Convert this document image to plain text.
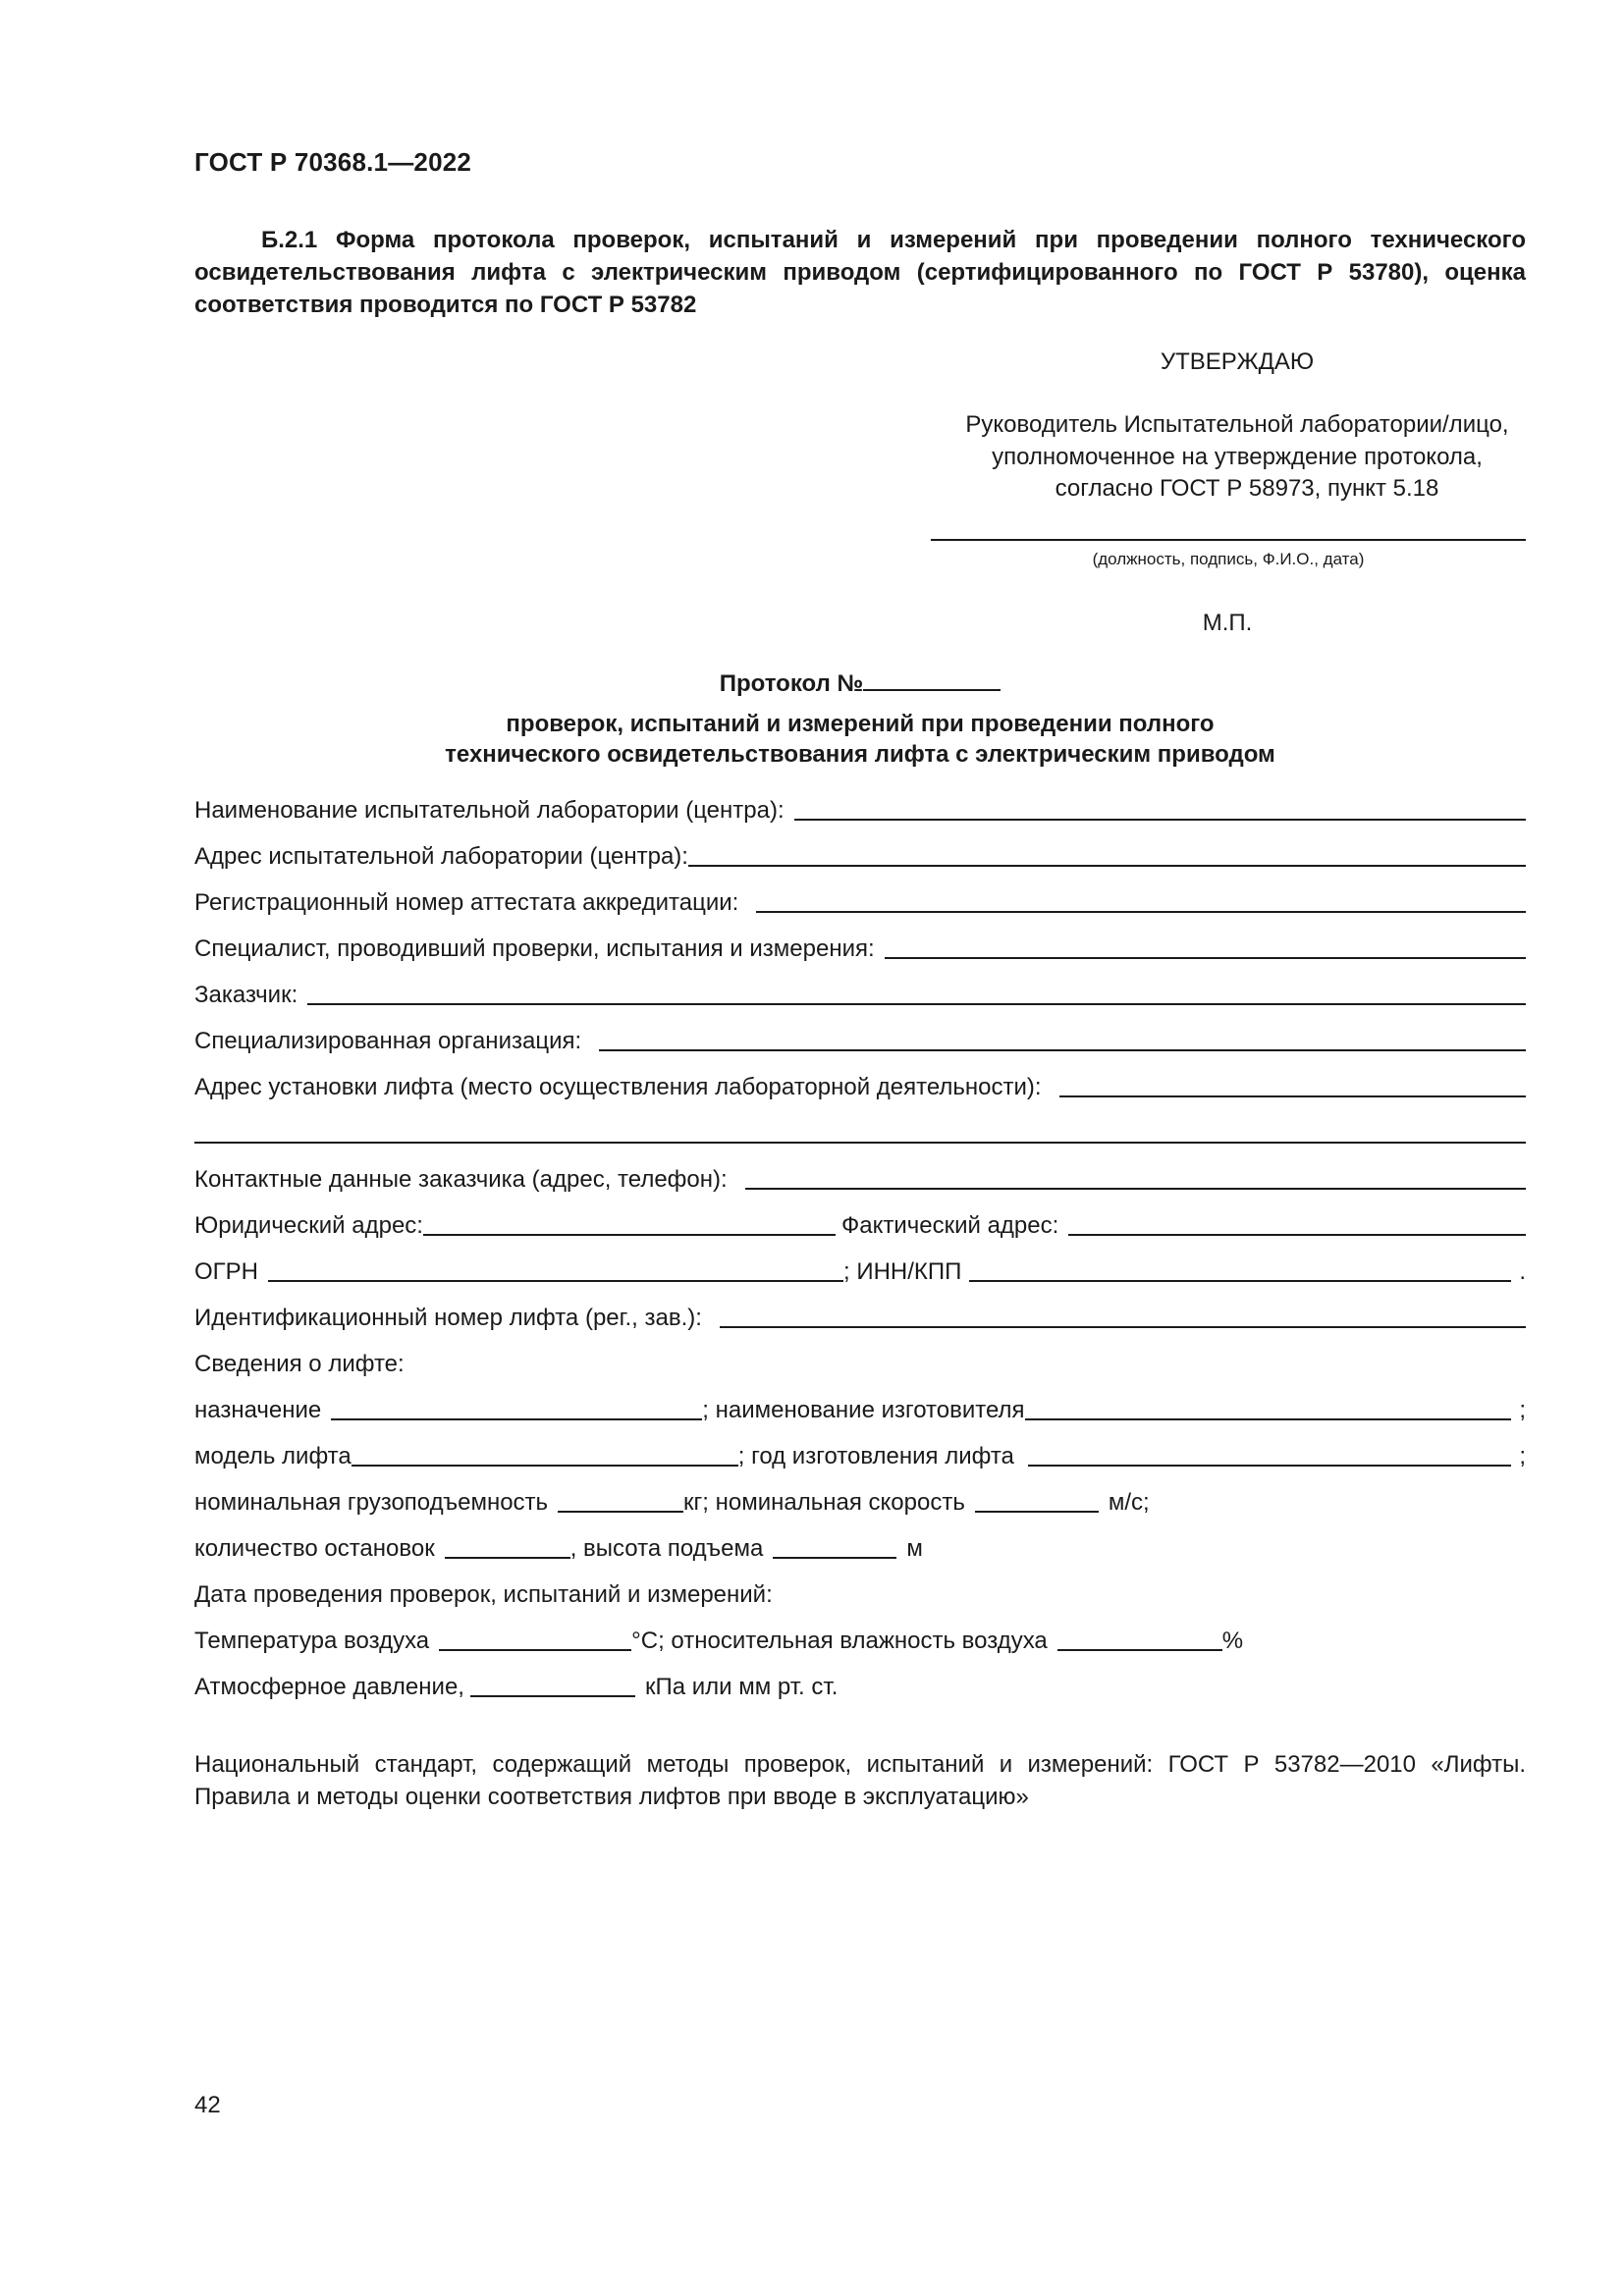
ГОСТ Р 70368.1—2022

Б.2.1 Форма протокола проверок, испытаний и измерений при проведении полного технического освидетельствования лифта с электрическим приводом (сертифицированного по ГОСТ Р 53780), оценка соответствия проводится по ГОСТ Р 53782

УТВЕРЖДАЮ
Руководитель Испытательной лаборатории/лицо,
уполномоченное на утверждение протокола,
согласно ГОСТ Р 58973, пункт 5.18
(должность, подпись, Ф.И.О., дата)
М.П.
Протокол №
проверок, испытаний и измерений при проведении полного
технического освидетельствования лифта с электрическим приводом
Наименование испытательной лаборатории (центра):
Адрес испытательной лаборатории (центра):
Регистрационный номер аттестата аккредитации:
Специалист, проводивший проверки, испытания и измерения:
Заказчик:
Специализированная организация:
Адрес установки лифта (место осуществления лабораторной деятельности):
Контактные данные заказчика (адрес, телефон):
Юридический адрес:	Фактический адрес:
ОГРН	; ИНН/КПП	.
Идентификационный номер лифта (рег., зав.):
Сведения о лифте:
назначение	; наименование изготовителя	;
модель лифта	; год изготовления лифта	;
номинальная грузоподъемность	кг; номинальная скорость	м/с;
количество остановок	, высота подъема	м
Дата проведения проверок, испытаний и измерений:
Температура воздуха	°С; относительная влажность воздуха	%
Атмосферное давление,	кПа или мм рт. ст.
Национальный стандарт, содержащий методы проверок, испытаний и измерений: ГОСТ Р 53782—2010 «Лифты. Правила и методы оценки соответствия лифтов при вводе в эксплуатацию»
42
